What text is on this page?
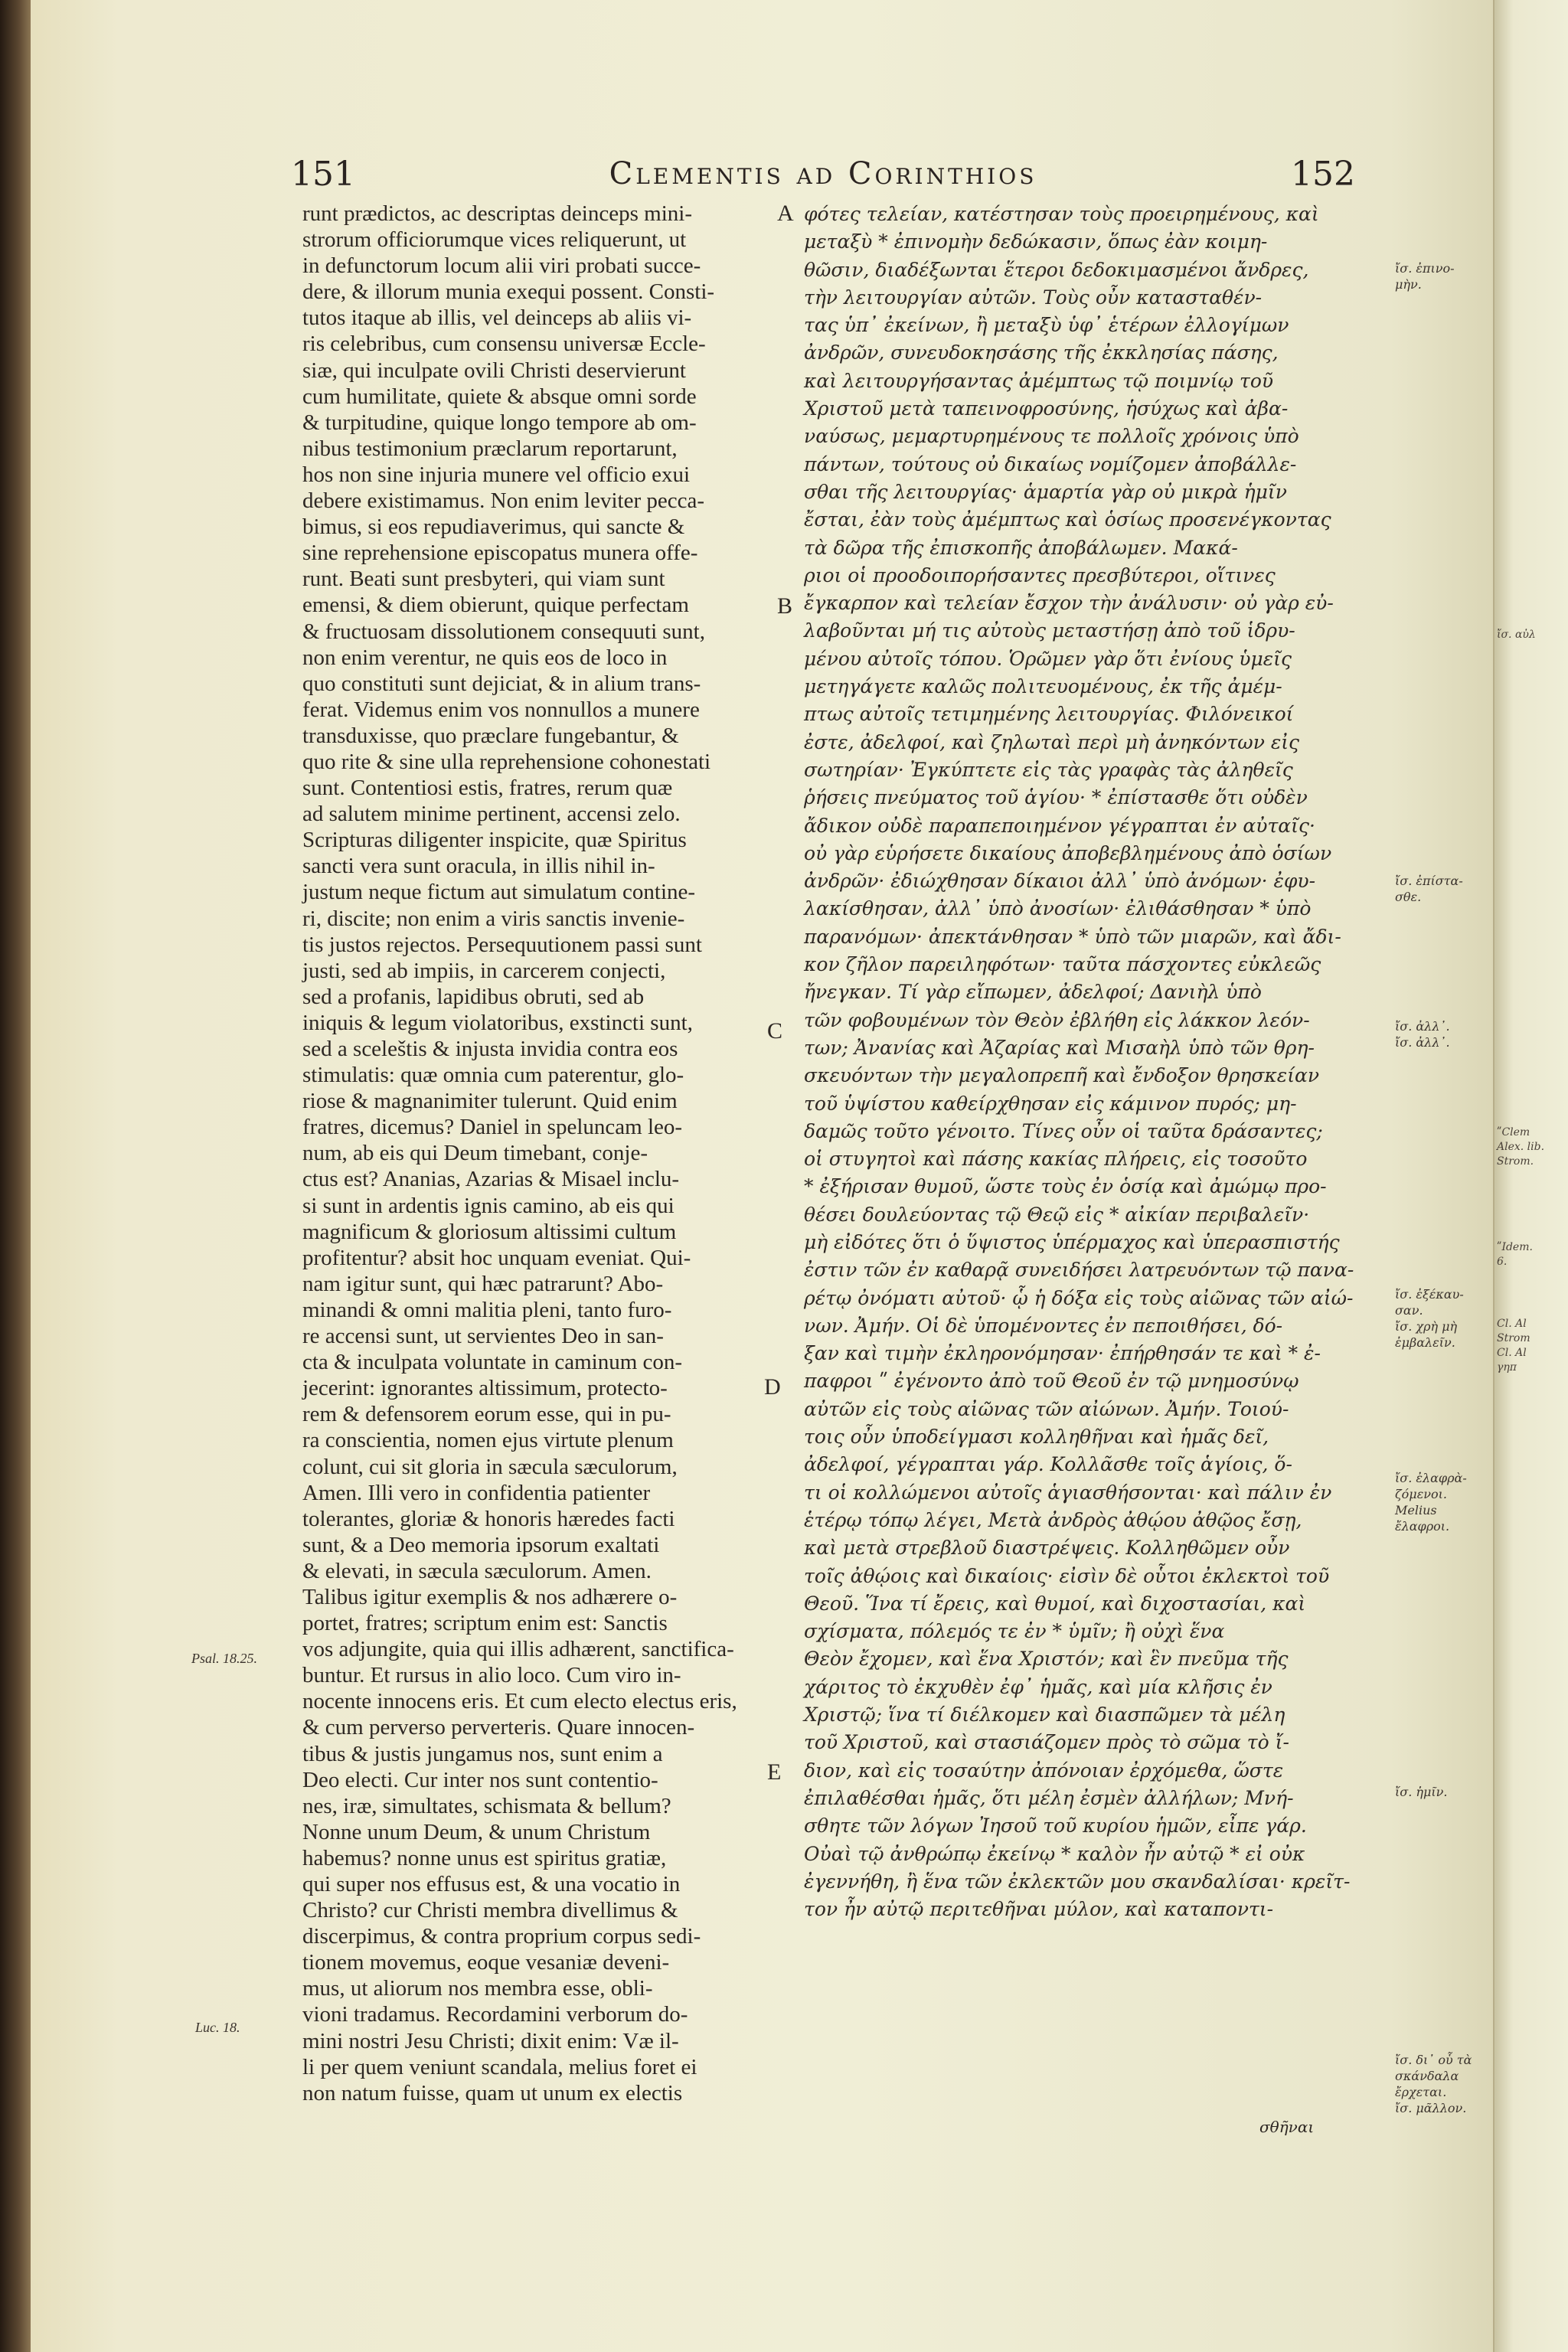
151	Clementis ad Corinthios	152
runt prædictos, ac descriptas deinceps mini-
strorum officiorumque vices reliquerunt, ut
in defunctorum locum alii viri probati succe-
dere, & illorum munia exequi possent. Consti-
tutos itaque ab illis, vel deinceps ab aliis vi-
ris celebribus, cum consensu universæ Eccle-
siæ, qui inculpate ovili Christi deservierunt
cum humilitate, quiete & absque omni sorde
& turpitudine, quique longo tempore ab om-
nibus testimonium præclarum reportarunt,
hos non sine injuria munere vel officio exui
debere existimamus. Non enim leviter pecca-
bimus, si eos repudiaverimus, qui sancte &
sine reprehensione episcopatus munera offe-
runt. Beati sunt presbyteri, qui viam sunt
emensi, & diem obierunt, quique perfectam
& fructuosam dissolutionem consequuti sunt,
non enim verentur, ne quis eos de loco in
quo constituti sunt dejiciat, & in alium trans-
ferat. Videmus enim vos nonnullos a munere
transduxisse, quo præclare fungebantur, &
quo rite & sine ulla reprehensione cohonestati
sunt. Contentiosi estis, fratres, rerum quæ
ad salutem minime pertinent, accensi zelo.
Scripturas diligenter inspicite, quæ Spiritus
sancti vera sunt oracula, in illis nihil in-
justum neque fictum aut simulatum contine-
ri, discite; non enim a viris sanctis invenie-
tis justos rejectos. Persequutionem passi sunt
justi, sed ab impiis, in carcerem conjecti,
sed a profanis, lapidibus obruti, sed ab
iniquis & legum violatoribus, exstincti sunt,
sed a sceleštis & injusta invidia contra eos
stimulatis: quæ omnia cum paterentur, glo-
riose & magnanimiter tulerunt. Quid enim
fratres, dicemus? Daniel in speluncam leo-
num, ab eis qui Deum timebant, conje-
ctus est? Ananias, Azarias & Misael inclu-
si sunt in ardentis ignis camino, ab eis qui
magnificum & gloriosum altissimi cultum
profitentur? absit hoc unquam eveniat. Qui-
nam igitur sunt, qui hæc patrarunt? Abo-
minandi & omni malitia pleni, tanto furo-
re accensi sunt, ut servientes Deo in san-
cta & inculpata voluntate in caminum con-
jecerint: ignorantes altissimum, protecto-
rem & defensorem eorum esse, qui in pu-
ra conscientia, nomen ejus virtute plenum
colunt, cui sit gloria in sæcula sæculorum,
Amen. Illi vero in confidentia patienter
tolerantes, gloriæ & honoris hæredes facti
sunt, & a Deo memoria ipsorum exaltati
& elevati, in sæcula sæculorum. Amen.
Talibus igitur exemplis & nos adhærere o-
portet, fratres; scriptum enim est: Sanctis
vos adjungite, quia qui illis adhærent, sanctifica-
buntur. Et rursus in alio loco. Cum viro in-
nocente innocens eris. Et cum electo electus eris,
& cum perverso perverteris. Quare innocen-
tibus & justis jungamus nos, sunt enim a
Deo electi. Cur inter nos sunt contentio-
nes, iræ, simultates, schismata & bellum?
Nonne unum Deum, & unum Christum
habemus? nonne unus est spiritus gratiæ,
qui super nos effusus est, & una vocatio in
Christo? cur Christi membra divellimus &
discerpimus, & contra proprium corpus sedi-
tionem movemus, eoque vesaniæ deveni-
mus, ut aliorum nos membra esse, obli-
vioni tradamus. Recordamini verborum do-
mini nostri Jesu Christi; dixit enim: Væ il-
li per quem veniunt scandala, melius foret ei
non natum fuisse, quam ut unum ex electis
A
B
C
D
E
φότες τελείαν, κατέστησαν τοὺς προειρημένους, καὶ
μεταξὺ * ἐπινομὴν δεδώκασιν, ὅπως ἐὰν κοιμη-
θῶσιν, διαδέξωνται ἕτεροι δεδοκιμασμένοι ἄνδρες,
τὴν λειτουργίαν αὐτῶν. Τοὺς οὖν κατασταθέν-
τας ὑπ᾽ ἐκείνων, ἢ μεταξὺ ὑφ᾽ ἑτέρων ἐλλογίμων
ἀνδρῶν, συνευδοκησάσης τῆς ἐκκλησίας πάσης,
καὶ λειτουργήσαντας ἀμέμπτως τῷ ποιμνίῳ τοῦ
Χριστοῦ μετὰ ταπεινοφροσύνης, ἡσύχως καὶ ἀβα-
ναύσως, μεμαρτυρημένους τε πολλοῖς χρόνοις ὑπὸ
πάντων, τούτους οὐ δικαίως νομίζομεν ἀποβάλλε-
σθαι τῆς λειτουργίας· ἁμαρτία γὰρ οὐ μικρὰ ἡμῖν
ἔσται, ἐὰν τοὺς ἀμέμπτως καὶ ὁσίως προσενέγκοντας
τὰ δῶρα τῆς ἐπισκοπῆς ἀποβάλωμεν. Μακά-
ριοι οἱ προοδοιπορήσαντες πρεσβύτεροι, οἵτινες
ἔγκαρπον καὶ τελείαν ἔσχον τὴν ἀνάλυσιν· οὐ γὰρ εὐ-
λαβοῦνται μή τις αὐτοὺς μεταστήσῃ ἀπὸ τοῦ ἱδρυ-
μένου αὐτοῖς τόπου. Ὁρῶμεν γὰρ ὅτι ἐνίους ὑμεῖς
μετηγάγετε καλῶς πολιτευομένους, ἐκ τῆς ἀμέμ-
πτως αὐτοῖς τετιμημένης λειτουργίας. Φιλόνεικοί
ἐστε, ἀδελφοί, καὶ ζηλωταὶ περὶ μὴ ἀνηκόντων εἰς
σωτηρίαν· Ἐγκύπτετε εἰς τὰς γραφὰς τὰς ἀληθεῖς
ῥήσεις πνεύματος τοῦ ἁγίου· * ἐπίστασθε ὅτι οὐδὲν
ἄδικον οὐδὲ παραπεποιημένον γέγραπται ἐν αὐταῖς·
οὐ γὰρ εὑρήσετε δικαίους ἀποβεβλημένους ἀπὸ ὁσίων
ἀνδρῶν· ἐδιώχθησαν δίκαιοι ἀλλ᾽ ὑπὸ ἀνόμων· ἐφυ-
λακίσθησαν, ἀλλ᾽ ὑπὸ ἀνοσίων· ἐλιθάσθησαν * ὑπὸ
παρανόμων· ἀπεκτάνθησαν * ὑπὸ τῶν μιαρῶν, καὶ ἄδι-
κον ζῆλον παρειληφότων· ταῦτα πάσχοντες εὐκλεῶς
ἤνεγκαν. Τί γὰρ εἴπωμεν, ἀδελφοί; Δανιὴλ ὑπὸ
τῶν φοβουμένων τὸν Θεὸν ἐβλήθη εἰς λάκκον λεόν-
των; Ἀνανίας καὶ Ἀζαρίας καὶ Μισαὴλ ὑπὸ τῶν θρη-
σκευόντων τὴν μεγαλοπρεπῆ καὶ ἔνδοξον θρησκείαν
τοῦ ὑψίστου καθείρχθησαν εἰς κάμινον πυρός; μη-
δαμῶς τοῦτο γένοιτο. Τίνες οὖν οἱ ταῦτα δράσαντες;
οἱ στυγητοὶ καὶ πάσης κακίας πλήρεις, εἰς τοσοῦτο
* ἐξήρισαν θυμοῦ, ὥστε τοὺς ἐν ὁσίᾳ καὶ ἀμώμῳ προ-
θέσει δουλεύοντας τῷ Θεῷ εἰς * αἰκίαν περιβαλεῖν·
μὴ εἰδότες ὅτι ὁ ὕψιστος ὑπέρμαχος καὶ ὑπερασπιστής
ἐστιν τῶν ἐν καθαρᾷ συνειδήσει λατρευόντων τῷ πανα-
ρέτῳ ὀνόματι αὐτοῦ· ᾧ ἡ δόξα εἰς τοὺς αἰῶνας τῶν αἰώ-
νων. Ἀμήν. Οἱ δὲ ὑπομένοντες ἐν πεποιθήσει, δό-
ξαν καὶ τιμὴν ἐκληρονόμησαν· ἐπήρθησάν τε καὶ * ἐ-
παφροι ʺ ἐγένοντο ἀπὸ τοῦ Θεοῦ ἐν τῷ μνημοσύνῳ
αὐτῶν εἰς τοὺς αἰῶνας τῶν αἰώνων. Ἀμήν. Τοιού-
τοις οὖν ὑποδείγμασι κολληθῆναι καὶ ἡμᾶς δεῖ,
ἀδελφοί, γέγραπται γάρ. Κολλᾶσθε τοῖς ἁγίοις, ὅ-
τι οἱ κολλώμενοι αὐτοῖς ἁγιασθήσονται· καὶ πάλιν ἐν
ἑτέρῳ τόπῳ λέγει, Μετὰ ἀνδρὸς ἀθῴου ἀθῷος ἔσῃ,
καὶ μετὰ στρεβλοῦ διαστρέψεις. Κολληθῶμεν οὖν
τοῖς ἀθῴοις καὶ δικαίοις· εἰσὶν δὲ οὗτοι ἐκλεκτοὶ τοῦ
Θεοῦ. Ἵνα τί ἔρεις, καὶ θυμοί, καὶ διχοστασίαι, καὶ
σχίσματα, πόλεμός τε ἐν * ὑμῖν; ἢ οὐχὶ ἕνα
Θεὸν ἔχομεν, καὶ ἕνα Χριστόν; καὶ ἓν πνεῦμα τῆς
χάριτος τὸ ἐκχυθὲν ἐφ᾽ ἡμᾶς, καὶ μία κλῆσις ἐν
Χριστῷ; ἵνα τί διέλκομεν καὶ διασπῶμεν τὰ μέλη
τοῦ Χριστοῦ, καὶ στασιάζομεν πρὸς τὸ σῶμα τὸ ἴ-
διον, καὶ εἰς τοσαύτην ἀπόνοιαν ἐρχόμεθα, ὥστε
ἐπιλαθέσθαι ἡμᾶς, ὅτι μέλη ἐσμὲν ἀλλήλων; Μνή-
σθητε τῶν λόγων Ἰησοῦ τοῦ κυρίου ἡμῶν, εἶπε γάρ.
Οὐαὶ τῷ ἀνθρώπῳ ἐκείνῳ * καλὸν ἦν αὐτῷ * εἰ οὐκ
ἐγεννήθη, ἢ ἕνα τῶν ἐκλεκτῶν μου σκανδαλίσαι· κρεῖτ-
τον ἦν αὐτῷ περιτεθῆναι μύλον, καὶ καταποντι-
σθῆναι
Psal. 18.25.
Luc. 18.
ἴσ. ἐπινο-
μὴν.
ἴσ. ἐπίστα-
σθε.
ἴσ. ἀλλ᾽.
ἴσ. ἀλλ᾽.
ἴσ. ἐξέκαυ-
σαν.
ἴσ. χρὴ μὴ
ἐμβαλεῖν.
ἴσ. ἐλαφρὰ-
ζόμενοι.
Melius
ἔλαφροι.
ἴσ. ἡμῖν.
ἴσ. δι᾽ οὗ τὰ
σκάνδαλα
ἔρχεται.
ἴσ. μᾶλλον.
ἴσ. αὐλ
ʺClem
Alex. lib.
Strom.
ʺIdem.
6.
Cl. Al
Strom
Cl. Al
γηπ
